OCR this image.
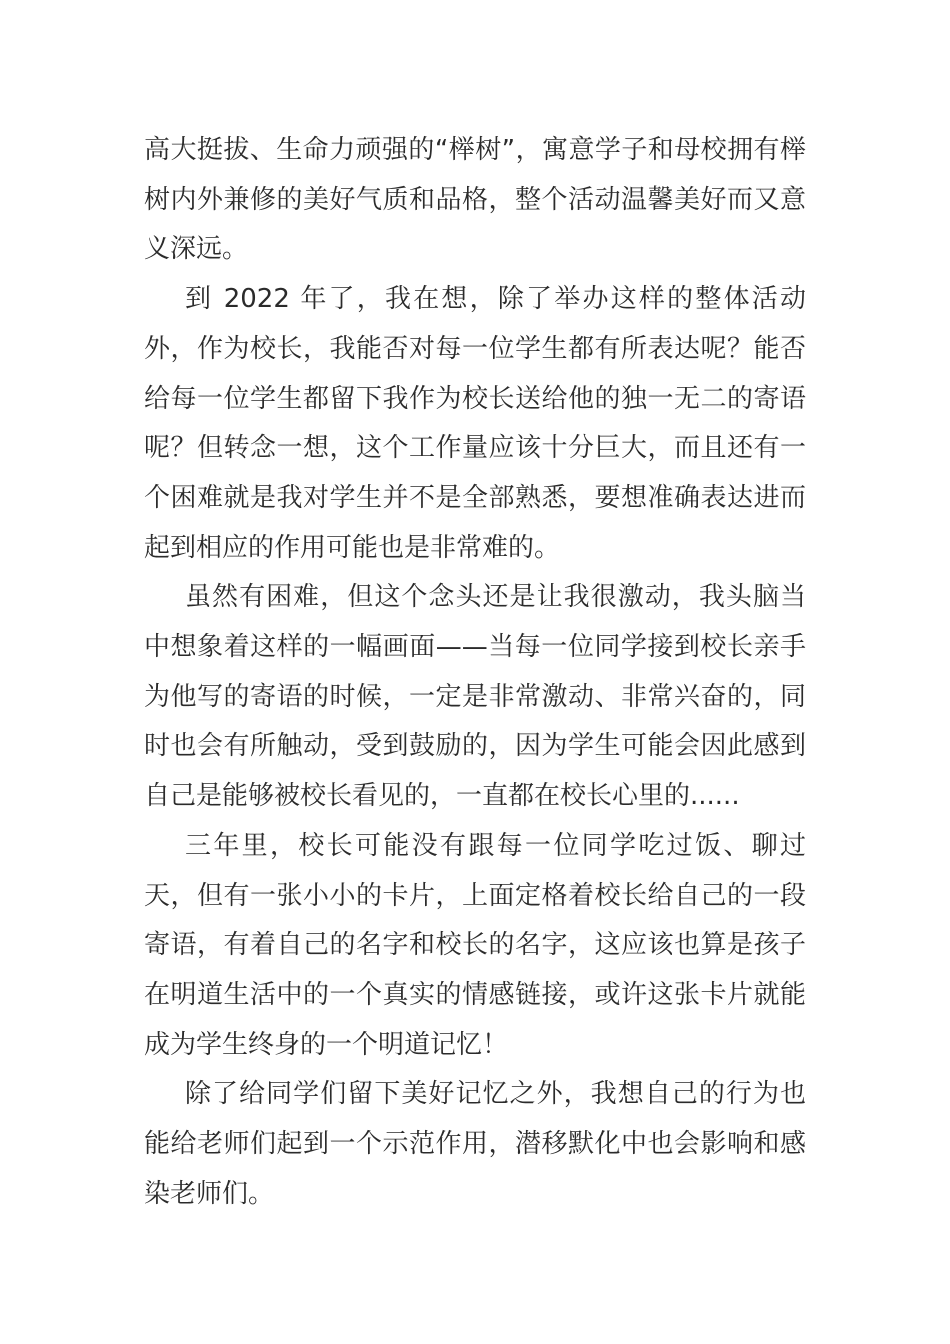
高大挺拔、生命力顽强的“榉树”，寓意学子和母校拥有榉树内外兼修的美好气质和品格，整个活动温馨美好而又意义深远。

到 2022 年了，我在想，除了举办这样的整体活动外，作为校长，我能否对每一位学生都有所表达呢？能否给每一位学生都留下我作为校长送给他的独一无二的寄语呢？但转念一想，这个工作量应该十分巨大，而且还有一个困难就是我对学生并不是全部熟悉，要想准确表达进而起到相应的作用可能也是非常难的。

虽然有困难，但这个念头还是让我很激动，我头脑当中想象着这样的一幅画面——当每一位同学接到校长亲手为他写的寄语的时候，一定是非常激动、非常兴奋的，同时也会有所触动，受到鼓励的，因为学生可能会因此感到自己是能够被校长看见的，一直都在校长心里的......

三年里，校长可能没有跟每一位同学吃过饭、聊过天，但有一张小小的卡片，上面定格着校长给自己的一段寄语，有着自己的名字和校长的名字，这应该也算是孩子在明道生活中的一个真实的情感链接，或许这张卡片就能成为学生终身的一个明道记忆！

除了给同学们留下美好记忆之外，我想自己的行为也能给老师们起到一个示范作用，潜移默化中也会影响和感染老师们。
